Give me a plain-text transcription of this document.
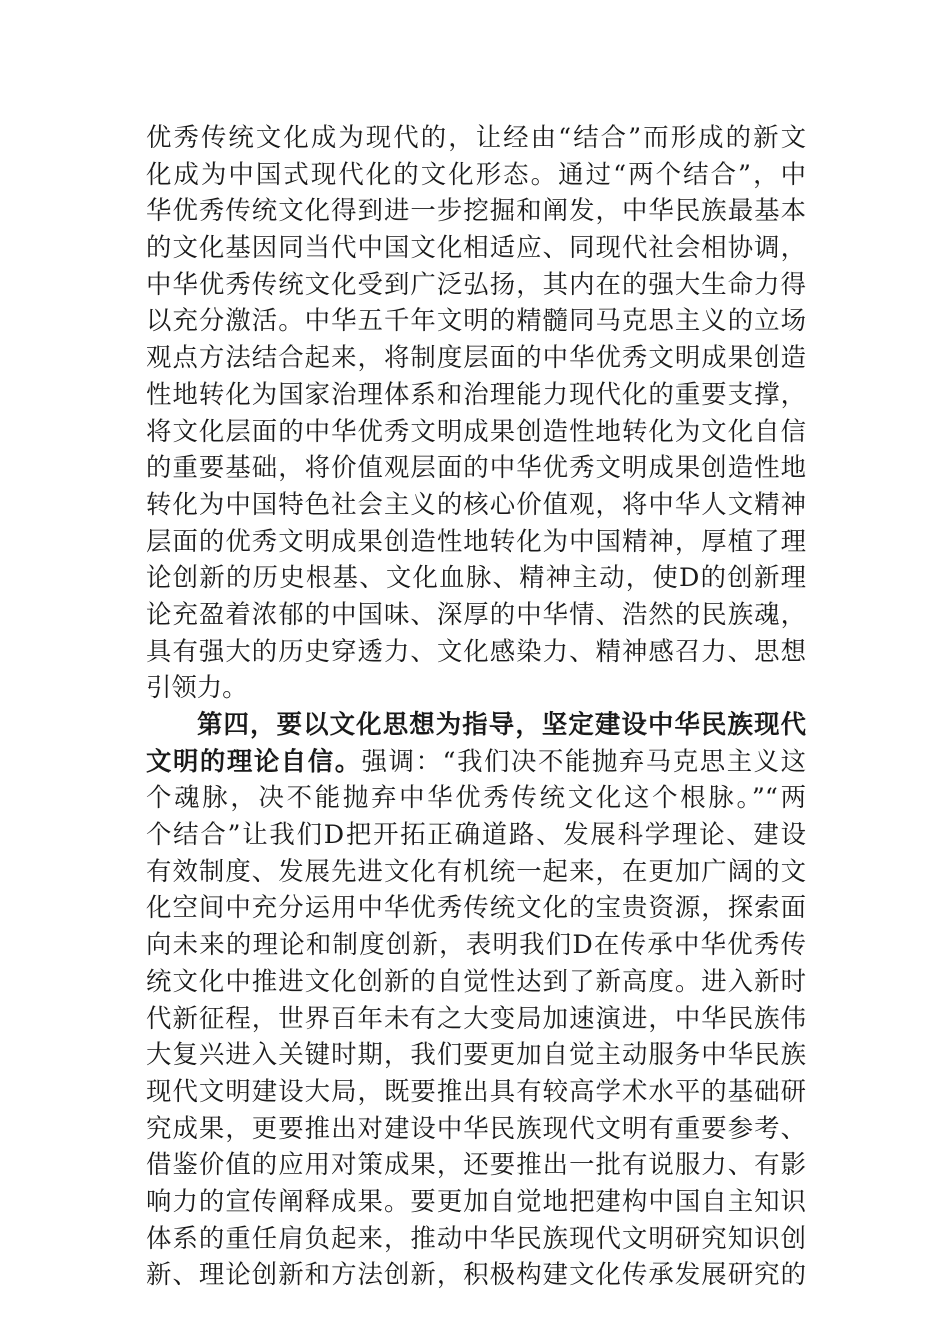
优秀传统文化成为现代的，让经由“结合”而形成的新文
化成为中国式现代化的文化形态。通过“两个结合”，中
华优秀传统文化得到进一步挖掘和阐发，中华民族最基本
的文化基因同当代中国文化相适应、同现代社会相协调，
中华优秀传统文化受到广泛弘扬，其内在的强大生命力得
以充分激活。中华五千年文明的精髓同马克思主义的立场
观点方法结合起来，将制度层面的中华优秀文明成果创造
性地转化为国家治理体系和治理能力现代化的重要支撑，
将文化层面的中华优秀文明成果创造性地转化为文化自信
的重要基础，将价值观层面的中华优秀文明成果创造性地
转化为中国特色社会主义的核心价值观，将中华人文精神
层面的优秀文明成果创造性地转化为中国精神，厚植了理
论创新的历史根基、文化血脉、精神主动，使D的创新理
论充盈着浓郁的中国味、深厚的中华情、浩然的民族魂，
具有强大的历史穿透力、文化感染力、精神感召力、思想
引领力。
第四，要以文化思想为指导，坚定建设中华民族现代
文明的理论自信。强调：“我们决不能抛弃马克思主义这
个魂脉，决不能抛弃中华优秀传统文化这个根脉。”“两
个结合”让我们D把开拓正确道路、发展科学理论、建设
有效制度、发展先进文化有机统一起来，在更加广阔的文
化空间中充分运用中华优秀传统文化的宝贵资源，探索面
向未来的理论和制度创新，表明我们D在传承中华优秀传
统文化中推进文化创新的自觉性达到了新高度。进入新时
代新征程，世界百年未有之大变局加速演进，中华民族伟
大复兴进入关键时期，我们要更加自觉主动服务中华民族
现代文明建设大局，既要推出具有较高学术水平的基础研
究成果，更要推出对建设中华民族现代文明有重要参考、
借鉴价值的应用对策成果，还要推出一批有说服力、有影
响力的宣传阐释成果。要更加自觉地把建构中国自主知识
体系的重任肩负起来，推动中华民族现代文明研究知识创
新、理论创新和方法创新，积极构建文化传承发展研究的
